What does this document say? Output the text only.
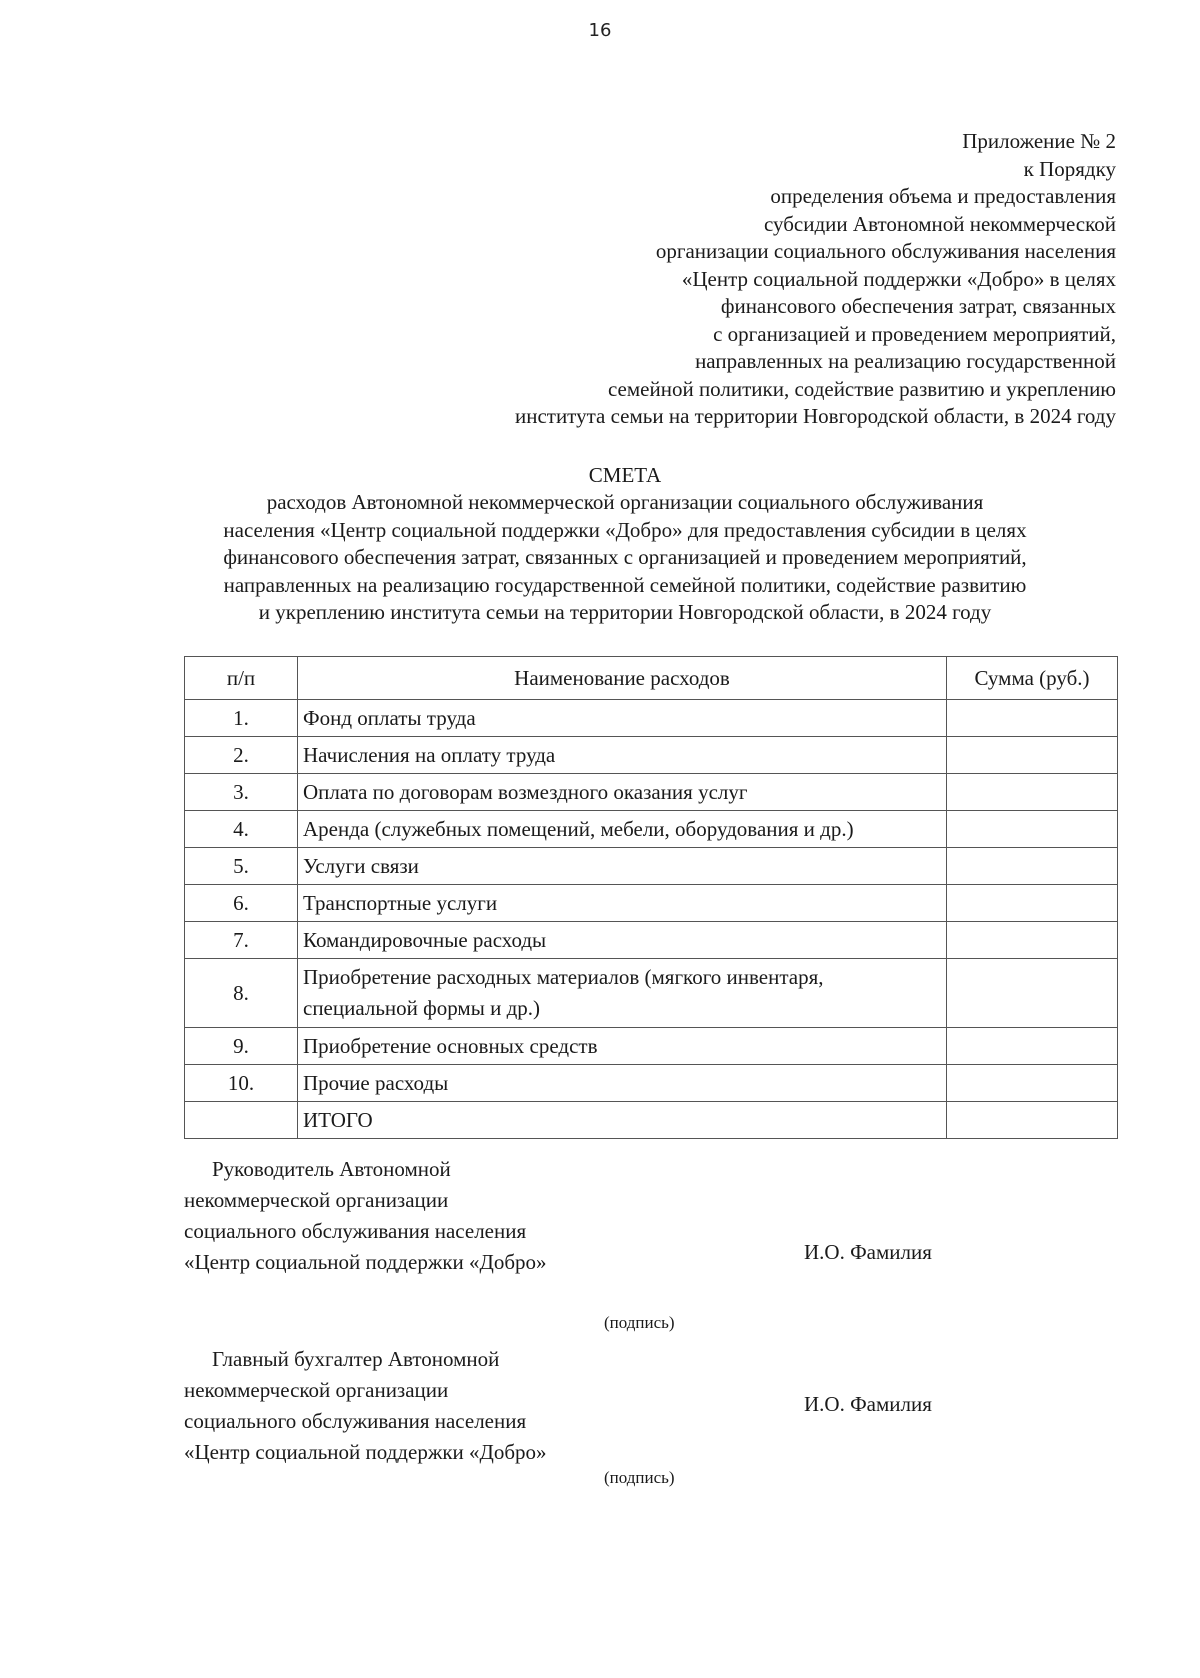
16
Приложение № 2
к Порядку
определения объема и предоставления
субсидии Автономной некоммерческой
организации социального обслуживания населения
«Центр социальной поддержки «Добро» в целях
финансового обеспечения затрат, связанных
с организацией и проведением мероприятий,
направленных на реализацию государственной
семейной политики, содействие развитию и укреплению
института семьи на территории Новгородской области, в 2024 году
СМЕТА
расходов Автономной некоммерческой организации социального обслуживания
населения «Центр социальной поддержки «Добро» для предоставления субсидии в целях
финансового обеспечения затрат, связанных с организацией и проведением мероприятий,
направленных на реализацию государственной семейной политики, содействие развитию
и укреплению института семьи на территории Новгородской области, в 2024 году
п/п	Наименование расходов	Сумма (руб.)
1.	Фонд оплаты труда	

2.	Начисления на оплату труда	

3.	Оплата по договорам возмездного оказания услуг	

4.	Аренда (служебных помещений, мебели, оборудования и др.)	

5.	Услуги связи	

6.	Транспортные услуги	

7.	Командировочные расходы	

8.	Приобретение расходных материалов (мягкого инвентаря,
специальной формы и др.)	

9.	Приобретение основных средств	

10.	Прочие расходы	

	ИТОГО	

Руководитель Автономной
некоммерческой организации
социального обслуживания населения
«Центр социальной поддержки «Добро»	И.О. Фамилия
(подпись)
Главный бухгалтер Автономной
некоммерческой организации
социального обслуживания населения
«Центр социальной поддержки «Добро»
И.О. Фамилия
(подпись)
